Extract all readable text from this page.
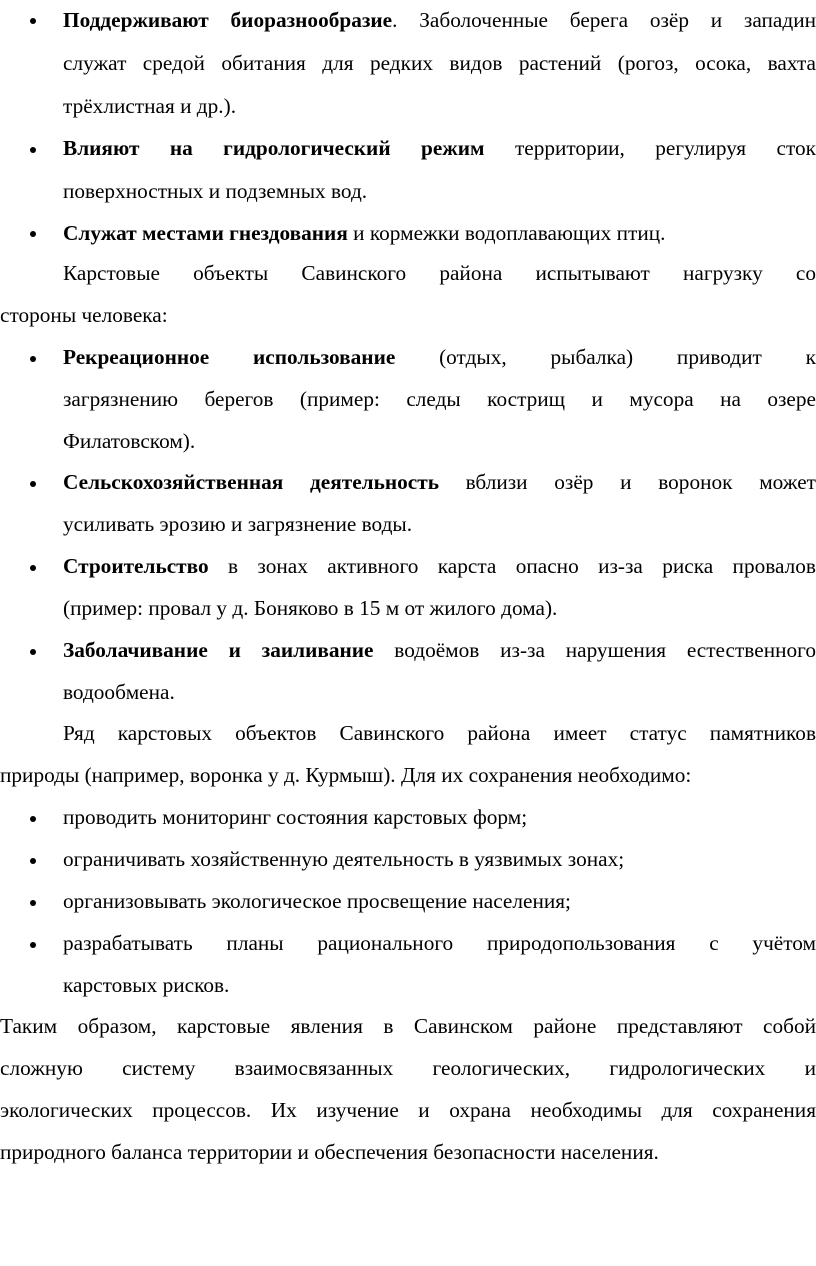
Поддерживают биоразнообразие. Заболоченные берега озёр и западин
служат средой обитания для редких видов растений (рогоз, осока, вахта
трёхлистная и др.).
Влияют на гидрологический режим территории, регулируя сток
поверхностных и подземных вод.
Служат местами гнездования и кормежки водоплавающих птиц.
Карстовые объекты Савинского района испытывают нагрузку со
стороны человека:
Рекреационное использование (отдых, рыбалка) приводит к
загрязнению берегов (пример: следы кострищ и мусора на озере
Филатовском).
Сельскохозяйственная деятельность вблизи озёр и воронок может
усиливать эрозию и загрязнение воды.
Строительство в зонах активного карста опасно из-за риска провалов
(пример: провал у д. Боняково в 15 м от жилого дома).
Заболачивание и заиливание водоёмов из-за нарушения естественного
водообмена.
Ряд карстовых объектов Савинского района имеет статус памятников
природы (например, воронка у д. Курмыш). Для их сохранения необходимо:
проводить мониторинг состояния карстовых форм;
ограничивать хозяйственную деятельность в уязвимых зонах;
организовывать экологическое просвещение населения;
разрабатывать планы рационального природопользования с учётом
карстовых рисков.
Таким образом, карстовые явления в Савинском районе представляют собой
сложную систему взаимосвязанных геологических, гидрологических и
экологических процессов. Их изучение и охрана необходимы для сохранения
природного баланса территории и обеспечения безопасности населения.
